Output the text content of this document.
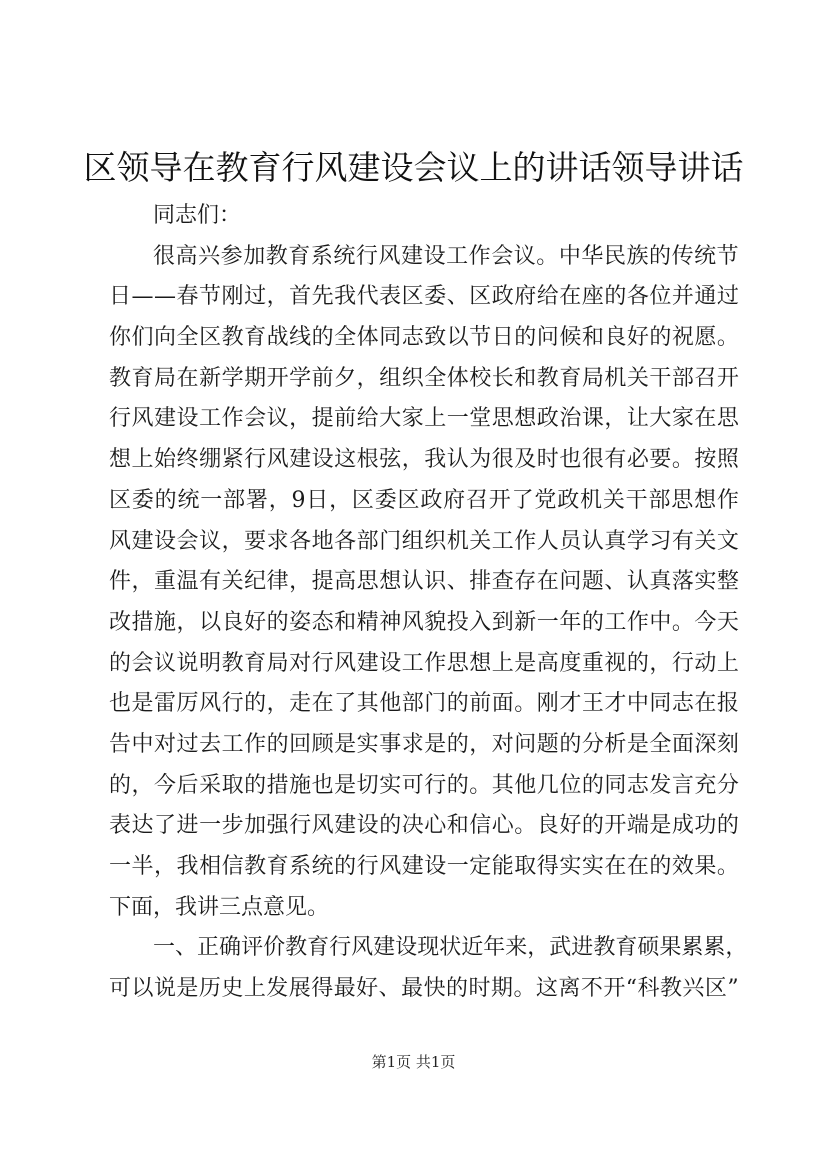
区领导在教育行风建设会议上的讲话领导讲话
同志们：
很 高 兴 参 加 教 育 系 统 行 风 建 设 工 作 会 议 。 中 华 民 族 的 传 统 节
日 — — 春 节 刚 过 ， 首 先 我 代 表 区 委 、 区 政 府 给 在 座 的 各 位 并 通 过
你 们 向 全 区 教 育 战 线 的 全 体 同 志 致 以 节 日 的 问 候 和 良 好 的 祝 愿 。
教 育 局 在 新 学 期 开 学 前 夕 ， 组 织 全 体 校 长 和 教 育 局 机 关 干 部 召 开
行 风 建 设 工 作 会 议 ， 提 前 给 大 家 上 一 堂 思 想 政 治 课 ， 让 大 家 在 思
想 上 始 终 绷 紧 行 风 建 设 这 根 弦 ， 我 认 为 很 及 时 也 很 有 必 要 。 按 照
区 委 的 统 一 部 署 ， 9 日 ， 区 委 区 政 府 召 开 了 党 政 机 关 干 部 思 想 作
风 建 设 会 议 ， 要 求 各 地 各 部 门 组 织 机 关 工 作 人 员 认 真 学 习 有 关 文
件 ， 重 温 有 关 纪 律 ， 提 高 思 想 认 识 、 排 查 存 在 问 题 、 认 真 落 实 整
改 措 施 ， 以 良 好 的 姿 态 和 精 神 风 貌 投 入 到 新 一 年 的 工 作 中 。 今 天
的 会 议 说 明 教 育 局 对 行 风 建 设 工 作 思 想 上 是 高 度 重 视 的 ， 行 动 上
也 是 雷 厉 风 行 的 ， 走 在 了 其 他 部 门 的 前 面 。 刚 才 王 才 中 同 志 在 报
告 中 对 过 去 工 作 的 回 顾 是 实 事 求 是 的 ， 对 问 题 的 分 析 是 全 面 深 刻
的 ， 今 后 采 取 的 措 施 也 是 切 实 可 行 的 。 其 他 几 位 的 同 志 发 言 充 分
表 达 了 进 一 步 加 强 行 风 建 设 的 决 心 和 信 心 。 良 好 的 开 端 是 成 功 的
一 半 ， 我 相 信 教 育 系 统 的 行 风 建 设 一 定 能 取 得 实 实 在 在 的 效 果 。
下面，我讲三点意见。
一 、 正 确 评 价 教 育 行 风 建 设 现 状 近 年 来 ， 武 进 教 育 硕 果 累 累 ，
可 以 说 是 历 史 上 发 展 得 最 好 、 最 快 的 时 期 。 这 离 不 开 “ 科 教 兴 区 ”
第1页 共1页
